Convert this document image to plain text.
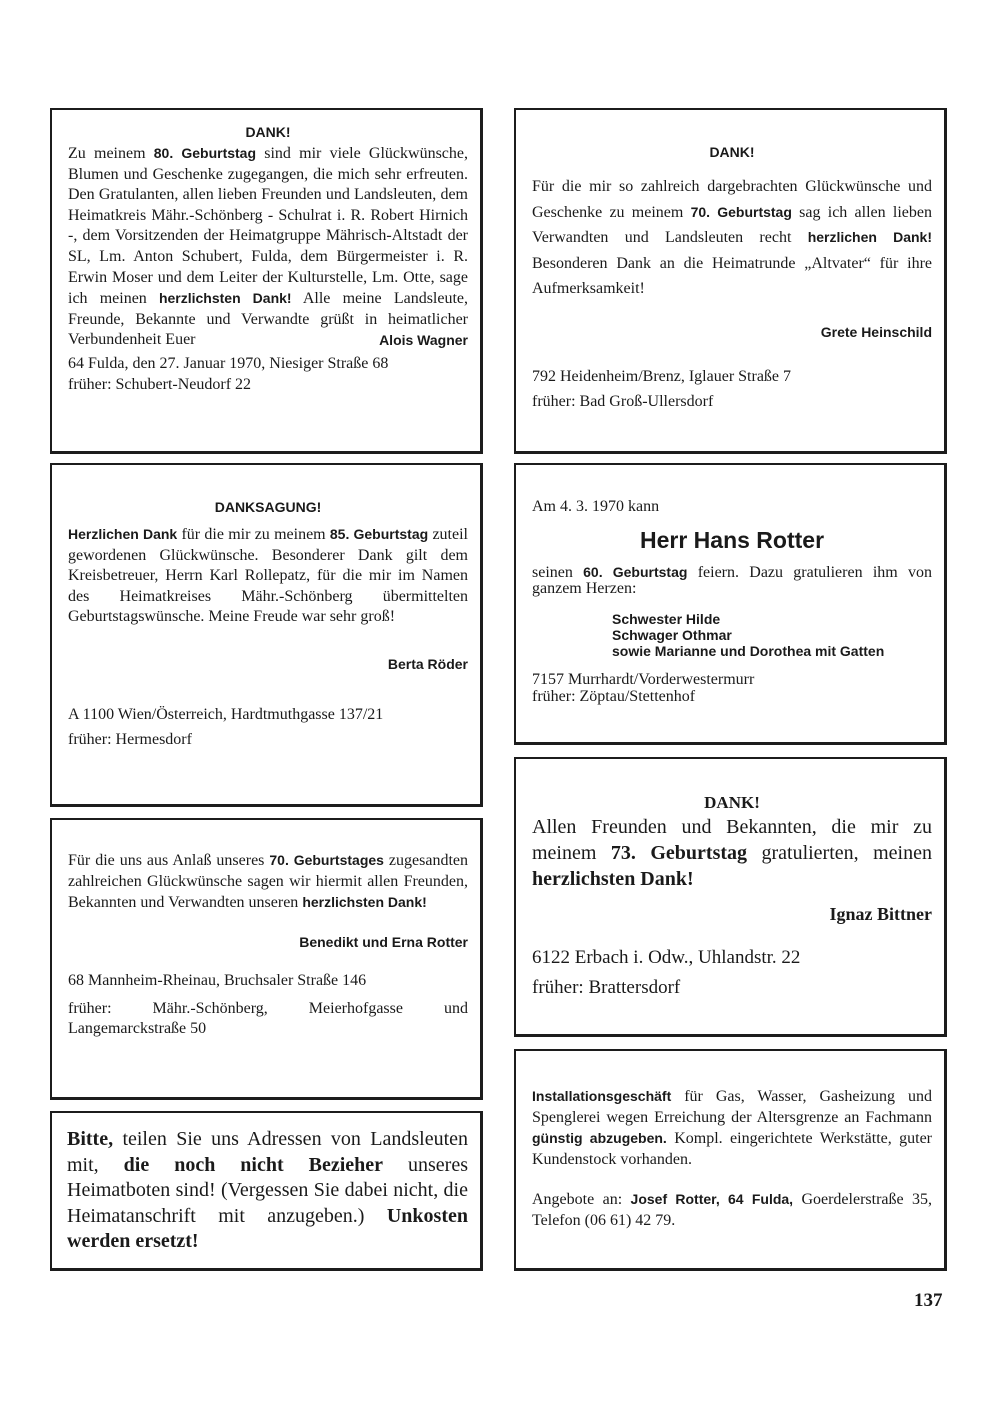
DANK!

Zu meinem 80. Geburtstag sind mir viele Glückwünsche, Blumen und Geschenke zugegangen, die mich sehr erfreuten. Den Gratulanten, allen lieben Freunden und Landsleuten, dem Heimatkreis Mähr.-Schönberg - Schulrat i. R. Robert Hirnich -, dem Vorsitzenden der Heimatgruppe Mährisch-Altstadt der SL, Lm. Anton Schubert, Fulda, dem Bürgermeister i. R. Erwin Moser und dem Leiter der Kulturstelle, Lm. Otte, sage ich meinen herzlichsten Dank! Alle meine Landsleute, Freunde, Bekannte und Verwandte grüßt in heimatlicher Verbundenheit Euer	Alois Wagner

64 Fulda, den 27. Januar 1970, Niesiger Straße 68

früher: Schubert-Neudorf 22

DANK!

Für die mir so zahlreich dargebrachten Glückwünsche und Geschenke zu meinem 70. Geburtstag sag ich allen lieben Verwandten und Landsleuten recht herzlichen Dank! Besonderen Dank an die Heimatrunde „Altvater“ für ihre Aufmerksamkeit!

Grete Heinschild

792 Heidenheim/Brenz, Iglauer Straße 7

früher: Bad Groß-Ullersdorf

DANKSAGUNG!

Herzlichen Dank für die mir zu meinem 85. Geburtstag zuteil gewordenen Glückwünsche. Besonderer Dank gilt dem Kreisbetreuer, Herrn Karl Rollepatz, für die mir im Namen des Heimatkreises Mähr.-Schönberg übermittelten Geburtstagswünsche. Meine Freude war sehr groß!

Berta Röder

A 1100 Wien/Österreich, Hardtmuthgasse 137/21

früher: Hermesdorf

Am 4. 3. 1970 kann

Herr Hans Rotter

seinen 60. Geburtstag feiern. Dazu gratulieren ihm von ganzem Herzen:

Schwester Hilde

Schwager Othmar

sowie Marianne und Dorothea mit Gatten

7157 Murrhardt/Vorderwestermurr

früher: Zöptau/Stettenhof

Für die uns aus Anlaß unseres 70. Geburtstages zugesandten zahlreichen Glückwünsche sagen wir hiermit allen Freunden, Bekannten und Verwandten unseren herzlichsten Dank!

Benedikt und Erna Rotter

68 Mannheim-Rheinau, Bruchsaler Straße 146

früher: Mähr.-Schönberg, Meierhofgasse und Langemarckstraße 50

DANK!

Allen Freunden und Bekannten, die mir zu meinem 73. Geburtstag gratulierten, meinen herzlichsten Dank!

Ignaz Bittner

6122 Erbach i. Odw., Uhlandstr. 22

früher: Brattersdorf

Bitte, teilen Sie uns Adressen von Landsleuten mit, die noch nicht Bezieher unseres Heimatboten sind! (Vergessen Sie dabei nicht, die Heimatanschrift mit anzugeben.) Unkosten werden ersetzt!

Installationsgeschäft für Gas, Wasser, Gasheizung und Spenglerei wegen Erreichung der Altersgrenze an Fachmann günstig abzugeben. Kompl. eingerichtete Werkstätte, guter Kundenstock vorhanden.

Angebote an: Josef Rotter, 64 Fulda, Goerdelerstraße 35, Telefon (06 61) 42 79.

137
